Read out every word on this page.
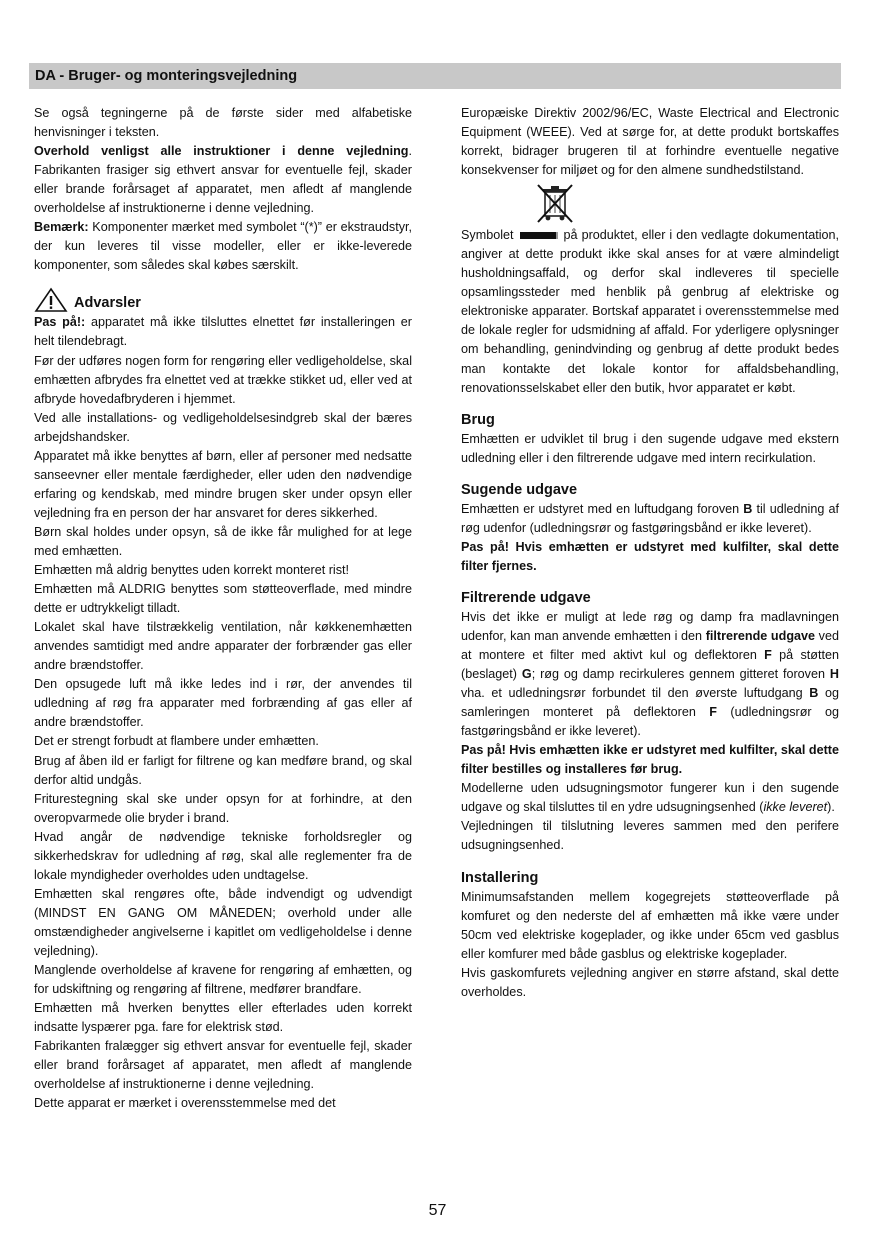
DA - Bruger- og monteringsvejledning

Se også tegningerne på de første sider med alfabetiske henvisninger i teksten.

Overhold venligst alle instruktioner i denne vejledning. Fabrikanten frasiger sig ethvert ansvar for eventuelle fejl, skader eller brande forårsaget af apparatet, men afledt af manglende overholdelse af instruktionerne i denne vejledning.

Bemærk: Komponenter mærket med symbolet “(*)” er ekstraudstyr, der kun leveres til visse modeller, eller er ikke-leverede komponenter, som således skal købes særskilt.

Advarsler

Pas på!: apparatet må ikke tilsluttes elnettet før installeringen er helt tilendebragt.

Før der udføres nogen form for rengøring eller vedligeholdelse, skal emhætten afbrydes fra elnettet ved at trække stikket ud, eller ved at afbryde hovedafbryderen i hjemmet.

Ved alle installations- og vedligeholdelsesindgreb skal der bæres arbejdshandsker.

Apparatet må ikke benyttes af børn, eller af personer med nedsatte sanseevner eller mentale færdigheder, eller uden den nødvendige erfaring og kendskab, med mindre brugen sker under opsyn eller vejledning fra en person der har ansvaret for deres sikkerhed.

Børn skal holdes under opsyn, så de ikke får mulighed for at lege med emhætten.

Emhætten må aldrig benyttes uden korrekt monteret rist!

Emhætten må ALDRIG benyttes som støtteoverflade, med mindre dette er udtrykkeligt tilladt.

Lokalet skal have tilstrækkelig ventilation, når køkkenemhætten anvendes samtidigt med andre apparater der forbrænder gas eller andre brændstoffer.

Den opsugede luft må ikke ledes ind i rør, der anvendes til udledning af røg fra apparater med forbrænding af gas eller af andre brændstoffer.

Det er strengt forbudt at flambere under emhætten.

Brug af åben ild er farligt for filtrene og kan medføre brand, og skal derfor altid undgås.

Friturestegning skal ske under opsyn for at forhindre, at den overopvarmede olie bryder i brand.

Hvad angår de nødvendige tekniske forholdsregler og sikkerhedskrav for udledning af røg, skal alle reglementer fra de lokale myndigheder overholdes uden undtagelse.

Emhætten skal rengøres ofte, både indvendigt og udvendigt (MINDST EN GANG OM MÅNEDEN; overhold under alle omstændigheder angivelserne i kapitlet om vedligeholdelse i denne vejledning).

Manglende overholdelse af kravene for rengøring af emhætten, og for udskiftning og rengøring af filtrene, medfører brandfare.

Emhætten må hverken benyttes eller efterlades uden korrekt indsatte lyspærer pga. fare for elektrisk stød.

Fabrikanten fralægger sig ethvert ansvar for eventuelle fejl, skader eller brand forårsaget af apparatet, men afledt af manglende overholdelse af instruktionerne i denne vejledning.

Dette apparat er mærket i overensstemmelse med det

Europæiske Direktiv 2002/96/EC, Waste Electrical and Electronic Equipment (WEEE). Ved at sørge for, at dette produkt bortskaffes korrekt, bidrager brugeren til at forhindre eventuelle negative konsekvenser for miljøet og for den almene sundhedstilstand.

Symbolet	på produktet, eller i den vedlagte dokumentation, angiver at dette produkt ikke skal anses for at være almindeligt husholdningsaffald, og derfor skal indleveres til specielle opsamlingssteder med henblik på genbrug af elektriske og elektroniske apparater. Bortskaf apparatet i overensstemmelse med de lokale regler for udsmidning af affald. For yderligere oplysninger om behandling, genindvinding og genbrug af dette produkt bedes man kontakte det lokale kontor for affaldsbehandling, renovationsselskabet eller den butik, hvor apparatet er købt.

Brug

Emhætten er udviklet til brug i den sugende udgave med ekstern udledning eller i den filtrerende udgave med intern recirkulation.

Sugende udgave

Emhætten er udstyret med en luftudgang foroven B til udledning af røg udenfor (udledningsrør og fastgøringsbånd er ikke leveret).

Pas på! Hvis emhætten er udstyret med kulfilter, skal dette filter fjernes.

Filtrerende udgave

Hvis det ikke er muligt at lede røg og damp fra madlavningen udenfor, kan man anvende emhætten i den filtrerende udgave ved at montere et filter med aktivt kul og deflektoren F på støtten (beslaget) G; røg og damp recirkuleres gennem gitteret foroven H vha. et udledningsrør forbundet til den øverste luftudgang B og samleringen monteret på deflektoren F (udledningsrør og fastgøringsbånd er ikke leveret).

Pas på! Hvis emhætten ikke er udstyret med kulfilter, skal dette filter bestilles og installeres før brug.

Modellerne uden udsugningsmotor fungerer kun i den sugende udgave og skal tilsluttes til en ydre udsugningsenhed (ikke leveret).

Vejledningen til tilslutning leveres sammen med den perifere udsugningsenhed.

Installering

Minimumsafstanden mellem kogegrejets støtteoverflade på komfuret og den nederste del af emhætten må ikke være under 50cm ved elektriske kogeplader, og ikke under 65cm ved gasblus eller komfurer med både gasblus og elektriske kogeplader.

Hvis gaskomfurets vejledning angiver en større afstand, skal dette overholdes.

57
